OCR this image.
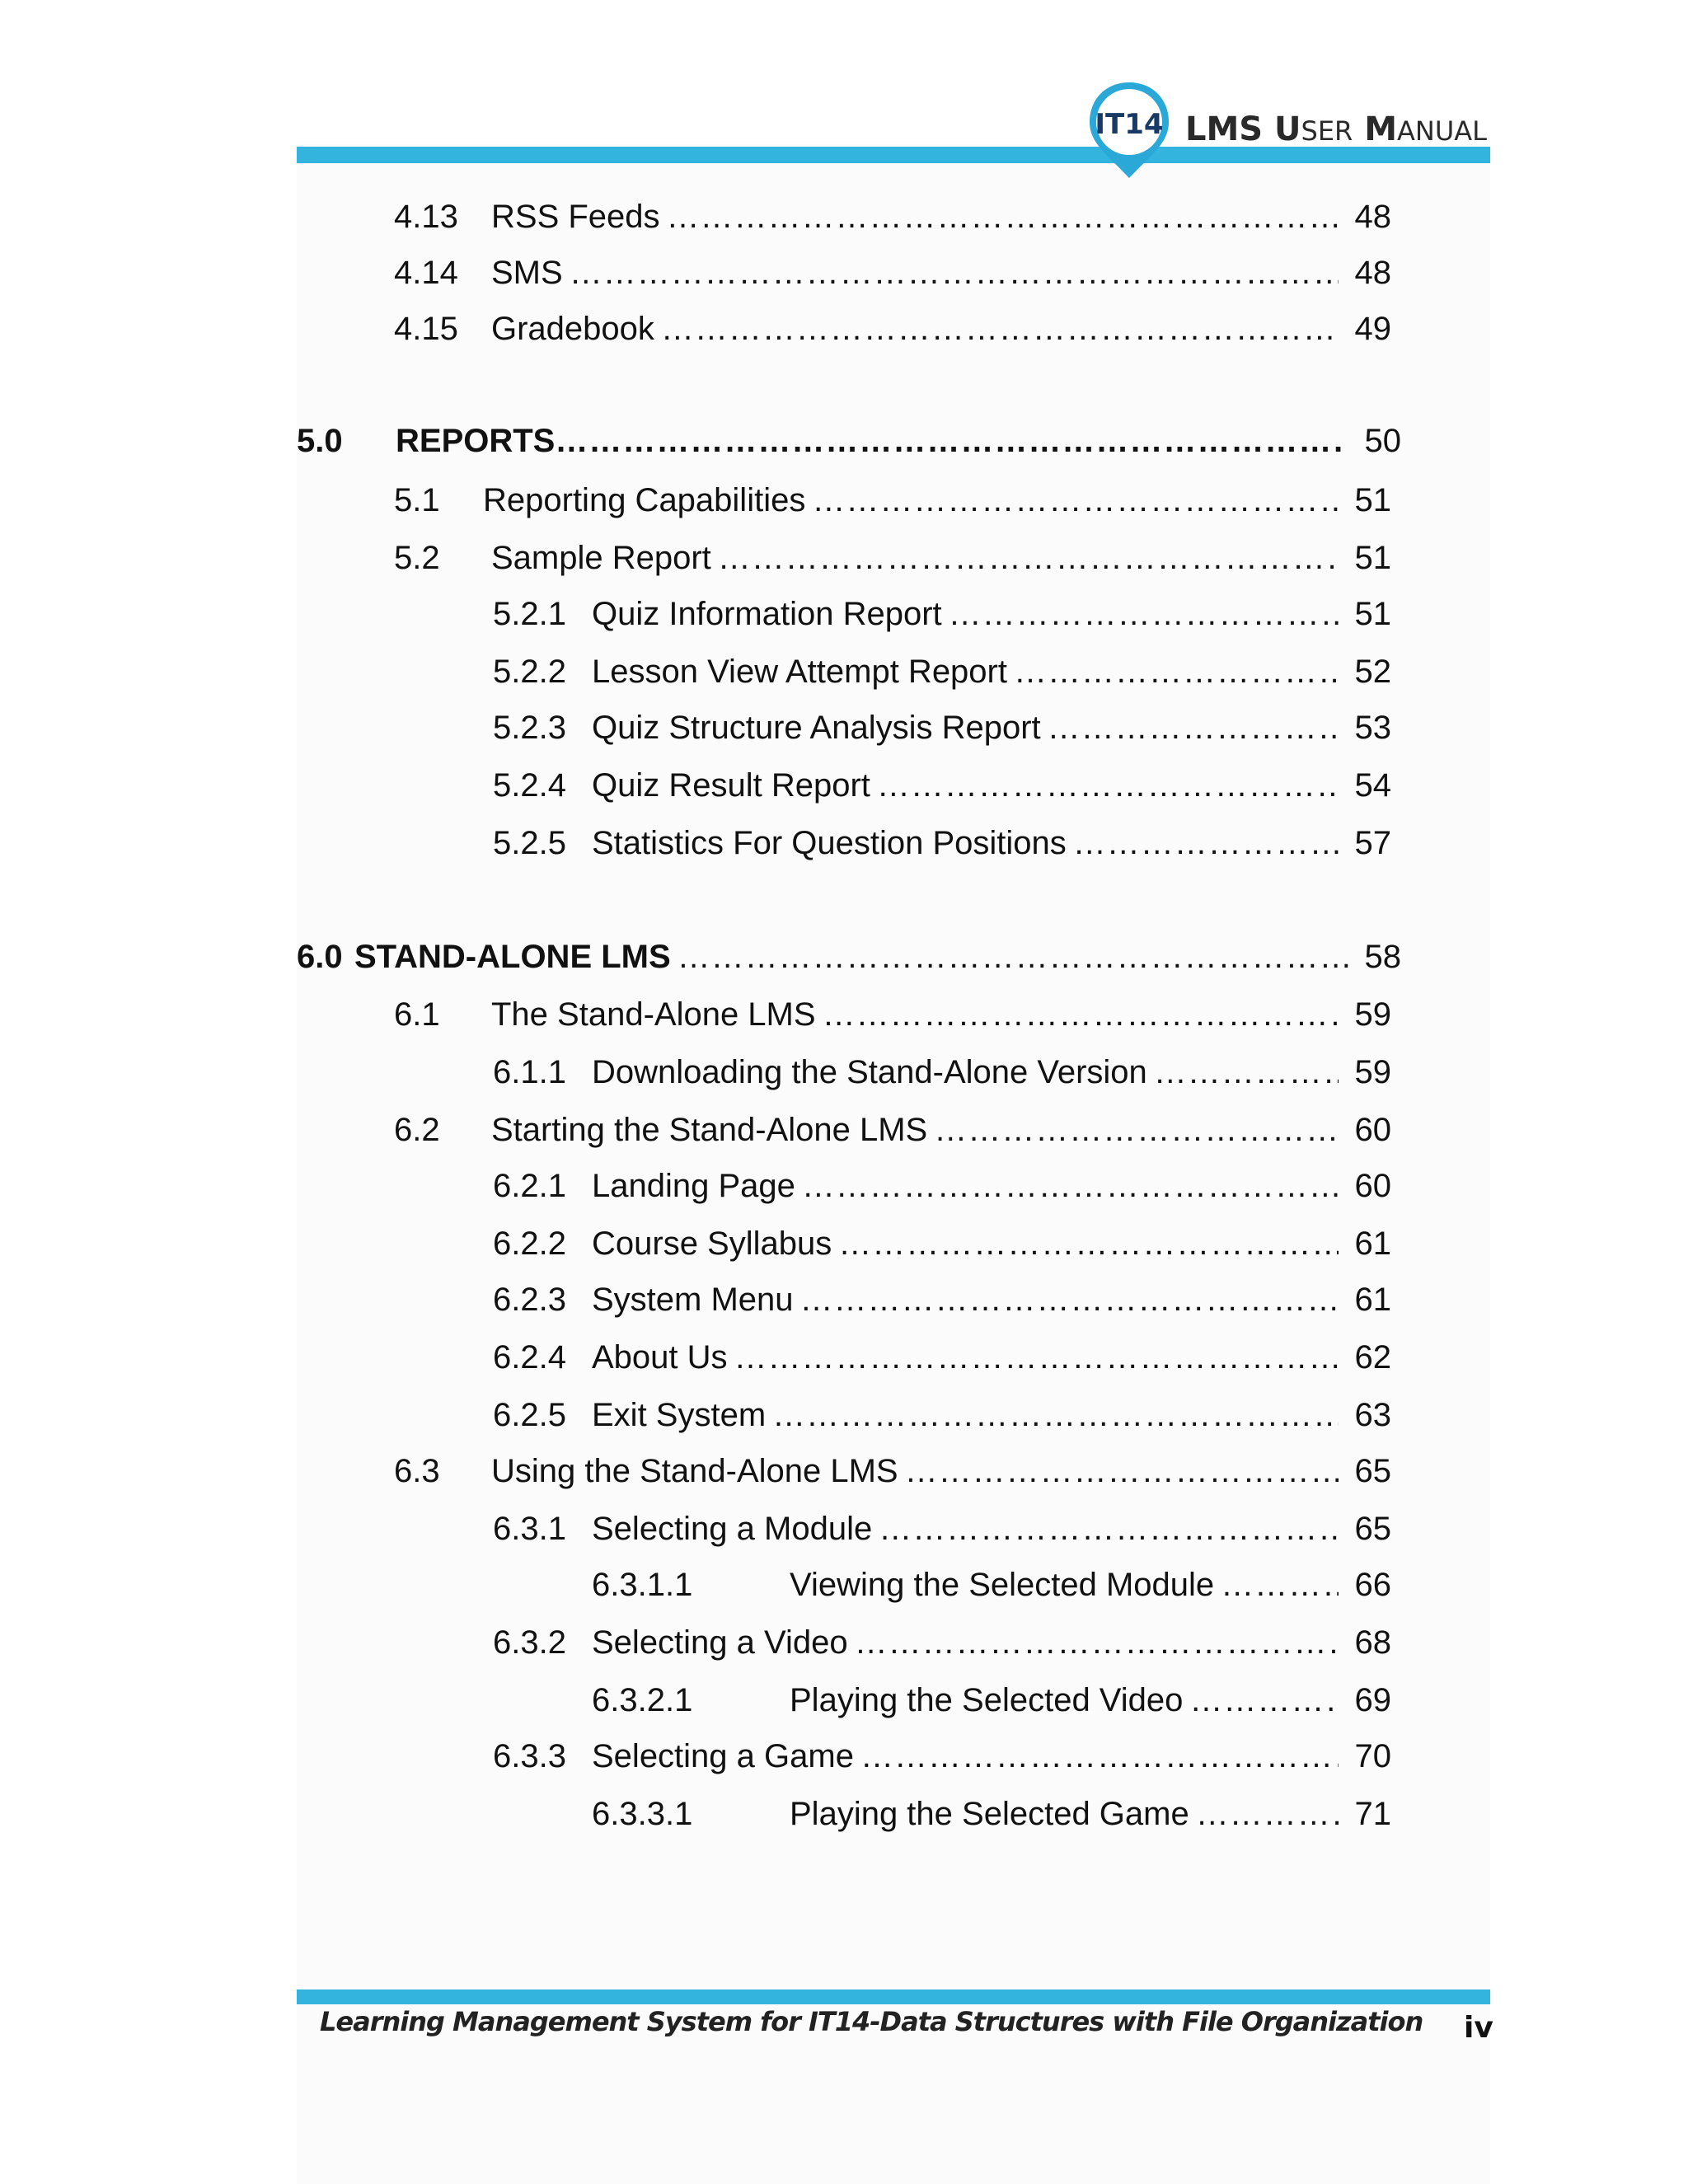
IT14 LMS USER MANUAL
4.13	RSS Feeds ……………………………………………………………………………………………………………………………………………………………………………………………………………………………	48
4.14	SMS ……………………………………………………………………………………………………………………………………………………………………………………………………………………………	48
4.15	Gradebook ……………………………………………………………………………………………………………………………………………………………………………………………………………………………	49
5.0	REPORTS ……………………………………………………………………………………………………………………………………………………………………………………………………………………………	50
5.1	Reporting Capabilities ……………………………………………………………………………………………………………………………………………………………………………………………………………………………	51
5.2	Sample Report ……………………………………………………………………………………………………………………………………………………………………………………………………………………………	51
5.2.1 Quiz Information Report ……………………………………………………………………………………………………………………………………………………………………………………………………………………………	51
5.2.2 Lesson View Attempt Report ……………………………………………………………………………………………………………………………………………………………………………………………………………………………	52
5.2.3 Quiz Structure Analysis Report ……………………………………………………………………………………………………………………………………………………………………………………………………………………………	53
5.2.4 Quiz Result Report ……………………………………………………………………………………………………………………………………………………………………………………………………………………………	54
5.2.5 Statistics For Question Positions ……………………………………………………………………………………………………………………………………………………………………………………………………………………………	57
6.0 STAND-ALONE LMS ……………………………………………………………………………………………………………………………………………………………………………………………………………………………	58
6.1	The Stand-Alone LMS ……………………………………………………………………………………………………………………………………………………………………………………………………………………………	59
6.1.1 Downloading the Stand-Alone Version ……………………………………………………………………………………………………………………………………………………………………………………………………………………………	59
6.2	Starting the Stand-Alone LMS ……………………………………………………………………………………………………………………………………………………………………………………………………………………………	60
6.2.1 Landing Page ……………………………………………………………………………………………………………………………………………………………………………………………………………………………	60
6.2.2 Course Syllabus ……………………………………………………………………………………………………………………………………………………………………………………………………………………………	61
6.2.3 System Menu ……………………………………………………………………………………………………………………………………………………………………………………………………………………………	61
6.2.4 About Us ……………………………………………………………………………………………………………………………………………………………………………………………………………………………	62
6.2.5 Exit System ……………………………………………………………………………………………………………………………………………………………………………………………………………………………	63
6.3	Using the Stand-Alone LMS ……………………………………………………………………………………………………………………………………………………………………………………………………………………………	65
6.3.1 Selecting a Module ……………………………………………………………………………………………………………………………………………………………………………………………………………………………	65
6.3.1.1	Viewing the Selected Module ……………………………………………………………………………………………………………………………………………………………………………………………………………………………	66
6.3.2 Selecting a Video ……………………………………………………………………………………………………………………………………………………………………………………………………………………………	68
6.3.2.1	Playing the Selected Video ……………………………………………………………………………………………………………………………………………………………………………………………………………………………	69
6.3.3 Selecting a Game ……………………………………………………………………………………………………………………………………………………………………………………………………………………………	70
6.3.3.1	Playing the Selected Game ……………………………………………………………………………………………………………………………………………………………………………………………………………………………	71
Learning Management System for IT14-Data Structures with File Organization iv
